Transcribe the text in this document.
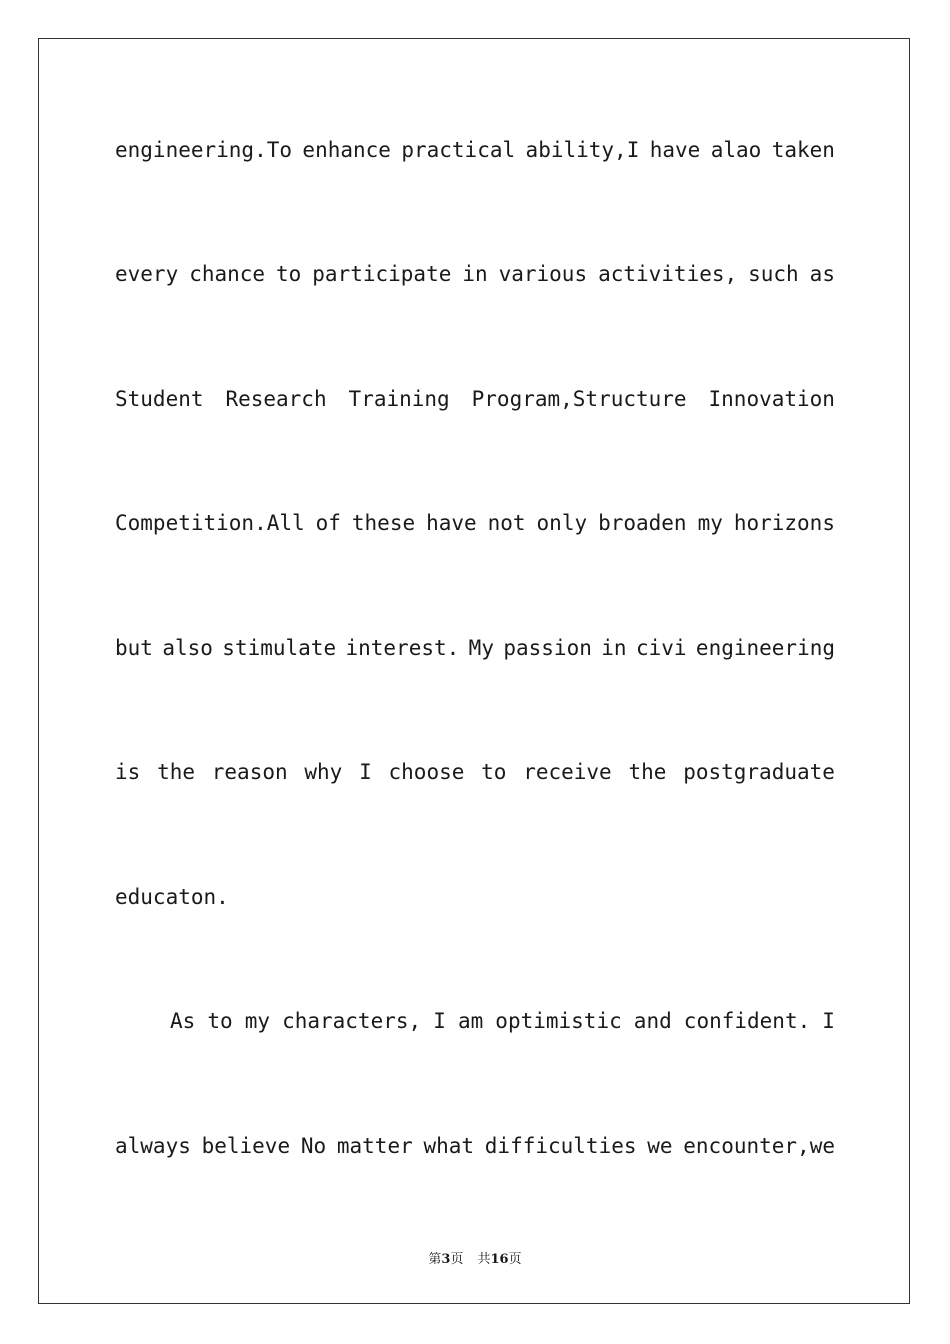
engineering.To enhance practical ability,I have alao taken
every chance to participate in various activities, such as
Student Research Training Program,Structure Innovation
Competition.All of these have not only broaden my horizons
but also stimulate interest. My passion in civi engineering
is the reason why I choose to receive the postgraduate
educaton.
As to my characters, I am optimistic and confident. I
always believe No matter what difficulties we encounter,we
第3页 共16页
